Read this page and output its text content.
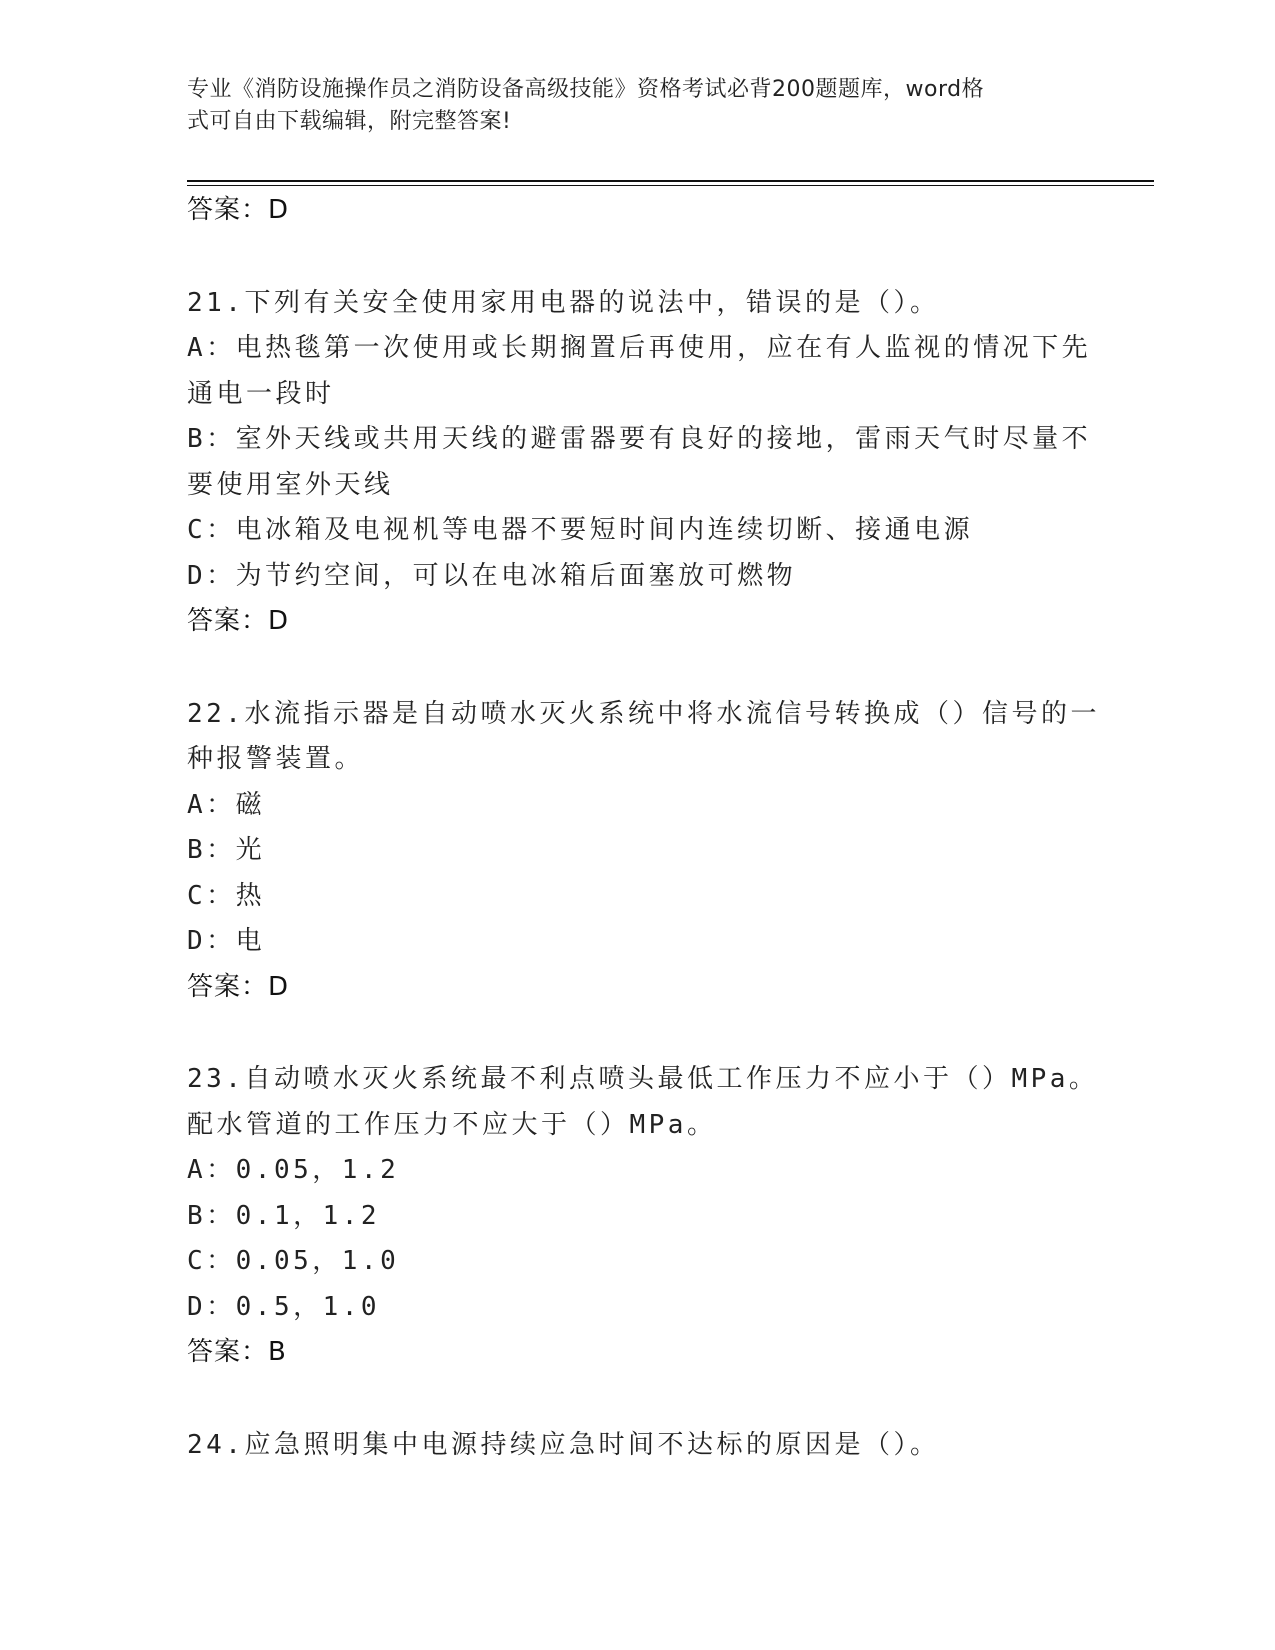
专业《消防设施操作员之消防设备高级技能》资格考试必背200题题库，word格
式可自由下载编辑，附完整答案!
答案：D
21.下列有关安全使用家用电器的说法中，错误的是（）。
A：电热毯第一次使用或长期搁置后再使用，应在有人监视的情况下先
通电一段时
B：室外天线或共用天线的避雷器要有良好的接地，雷雨天气时尽量不
要使用室外天线
C：电冰箱及电视机等电器不要短时间内连续切断、接通电源
D：为节约空间，可以在电冰箱后面塞放可燃物
答案：D
22.水流指示器是自动喷水灭火系统中将水流信号转换成（）信号的一
种报警装置。
A：磁
B：光
C：热
D：电
答案：D
23.自动喷水灭火系统最不利点喷头最低工作压力不应小于（）MPa。
配水管道的工作压力不应大于（）MPa。
A：0.05，1.2
B：0.1，1.2
C：0.05，1.0
D：0.5，1.0
答案：B
24.应急照明集中电源持续应急时间不达标的原因是（）。
